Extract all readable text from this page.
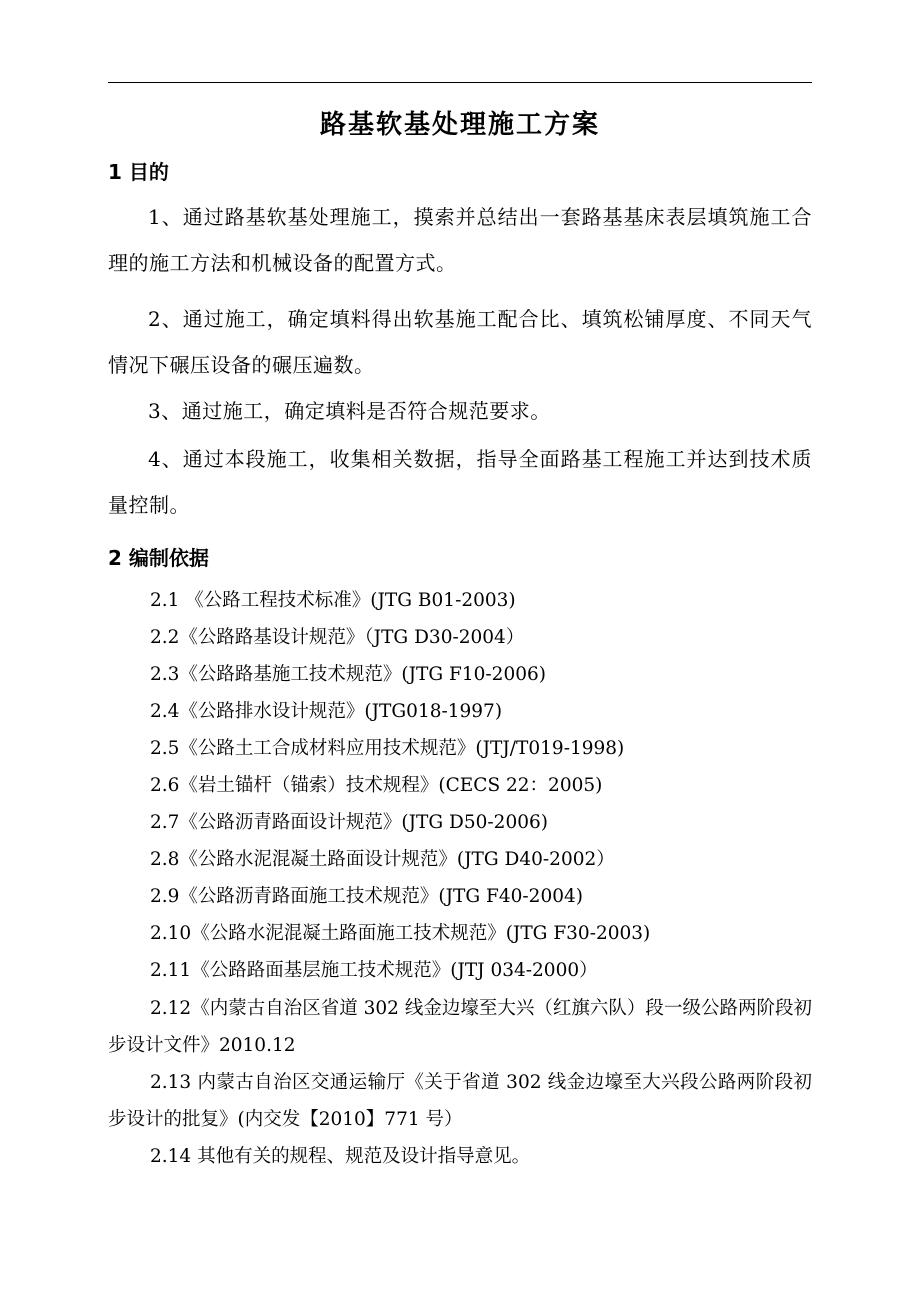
路基软基处理施工方案
1 目的
1、通过路基软基处理施工，摸索并总结出一套路基基床表层填筑施工合理的施工方法和机械设备的配置方式。
2、通过施工，确定填料得出软基施工配合比、填筑松铺厚度、不同天气情况下碾压设备的碾压遍数。
3、通过施工，确定填料是否符合规范要求。
4、通过本段施工，收集相关数据，指导全面路基工程施工并达到技术质量控制。
2 编制依据
2.1 《公路工程技术标准》(JTG B01-2003)
2.2《公路路基设计规范》（JTG D30-2004）
2.3《公路路基施工技术规范》(JTG F10-2006)
2.4《公路排水设计规范》(JTG018-1997)
2.5《公路土工合成材料应用技术规范》(JTJ/T019-1998)
2.6《岩土锚杆（锚索）技术规程》(CECS 22：2005)
2.7《公路沥青路面设计规范》(JTG D50-2006)
2.8《公路水泥混凝土路面设计规范》(JTG D40-2002）
2.9《公路沥青路面施工技术规范》(JTG F40-2004)
2.10《公路水泥混凝土路面施工技术规范》(JTG F30-2003)
2.11《公路路面基层施工技术规范》(JTJ 034-2000）
2.12《内蒙古自治区省道 302 线金边壕至大兴（红旗六队）段一级公路两阶段初步设计文件》2010.12
2.13 内蒙古自治区交通运输厅《关于省道 302 线金边壕至大兴段公路两阶段初步设计的批复》(内交发【2010】771 号）
2.14 其他有关的规程、规范及设计指导意见。
